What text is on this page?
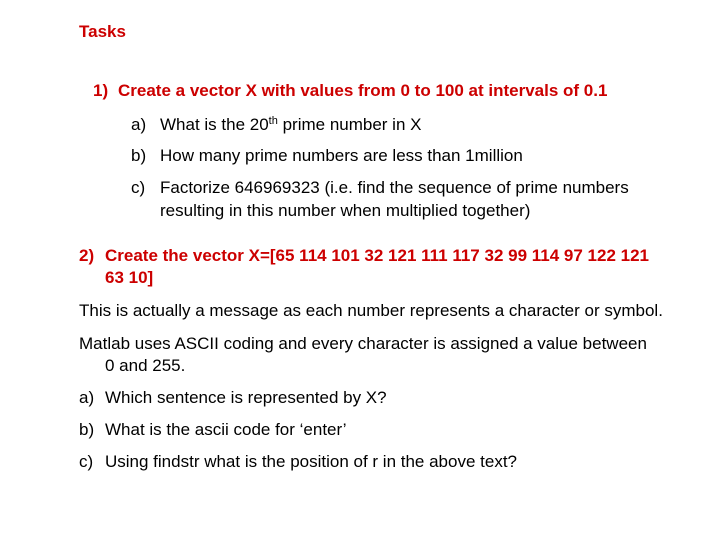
Tasks
1) Create a vector X with values from 0 to 100 at intervals of 0.1
a) What is the 20th prime number in X
b) How many prime numbers are less than 1million
c) Factorize 646969323 (i.e. find the sequence of prime numbers
resulting in this number when multiplied together)
2) Create the vector X=[65 114 101 32 121 111 117 32 99 114 97 122 121
63 10]
This is actually a message as each number represents a character or symbol.
Matlab uses ASCII coding and every character is assigned a value between
0 and 255.
a) Which sentence is represented by X?
b) What is the ascii code for ‘enter’
c) Using findstr what is the position of r in the above text?
